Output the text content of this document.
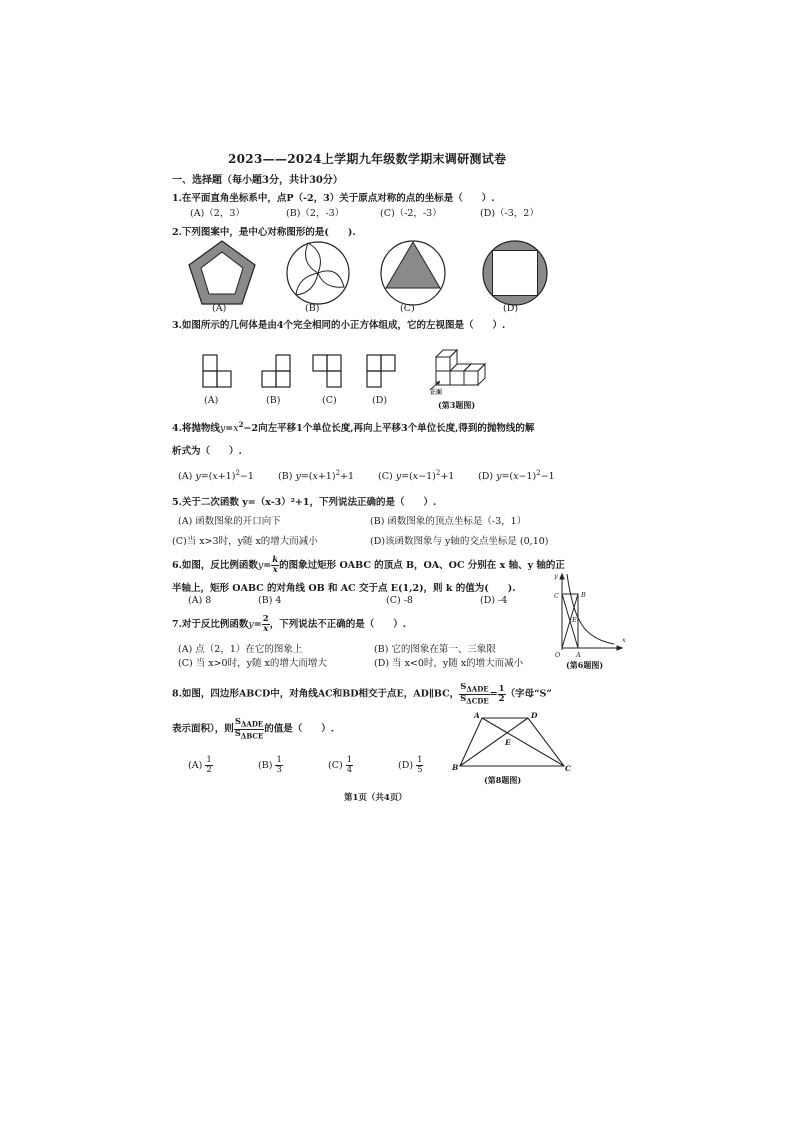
2023——2024上学期九年级数学期末调研测试卷
一、选择题（每小题3分，共计30分）
1.在平面直角坐标系中，点P（-2，3）关于原点对称的点的坐标是（　　）.
(A)（2，3）	(B)（2，-3）	(C)（-2，-3）	(D)（-3，2）
2.下列图案中，是中心对称图形的是(　　).
(A)	(B)	(C)	(D)
3.如图所示的几何体是由4个完全相同的小正方体组成，它的左视图是（　　）.
正面
(A)	(B)	(C)	(D)	(第3题图)
4.将抛物线$y=x^2-2$向左平移1个单位长度,再向上平移3个单位长度,得到的抛物线的解
析式为（　　）.
(A) $y=(x+1)^2-1$	(B) $y=(x+1)^2+1$	(C) $y=(x-1)^2+1$ (D) $y=(x-1)^2-1$
5.关于二次函数 y=（x-3）²+1，下列说法正确的是（　　）.
(A) 函数图象的开口向下	(B) 函数图象的顶点坐标是（-3，1）
(C)当 x>3时，y随 x的增大而减小	(D)该函数图象与 y轴的交点坐标是 (0,10)
6.如图，反比例函数$y= \frac{k}{x}$ 的图象过矩形 OABC 的顶点 B，OA、OC 分别在 x 轴、y 轴的正
半轴上，矩形 OABC 的对角线 OB 和 AC 交于点 E(1,2)，则 k 的值为(　　).
(A) 8	(B) 4	(C) -8	(D) -4
y
x
C	B
E
O A
(第6题图)
7.对于反比例函数$y= \frac{2}{x}$ ，下列说法不正确的是（　　）.
(A) 点（2，1）在它的图象上	(B) 它的图象在第一、三象限
(C) 当 x>0时，y随 x的增大而增大	(D) 当 x<0时，y随 x的增大而减小
8.如图，四边形ABCD中，对角线AC和BD相交于点E，AD∥BC， $\frac{S_{\Delta ADE}}{S_{\Delta CDE}} = \frac{1}{2}$ （字母“S”
表示面积），则 $\frac{S_{\Delta ADE}}{S_{\Delta BCE}}$ 的值是（　　）.
$(A) \frac{1}{2}$	$(B) \frac{1}{3}$	$(C) \frac{1}{4}$	$(D) \frac{1}{5}$
A	D
E
B	C
(第8题图)
第1页（共4页）
